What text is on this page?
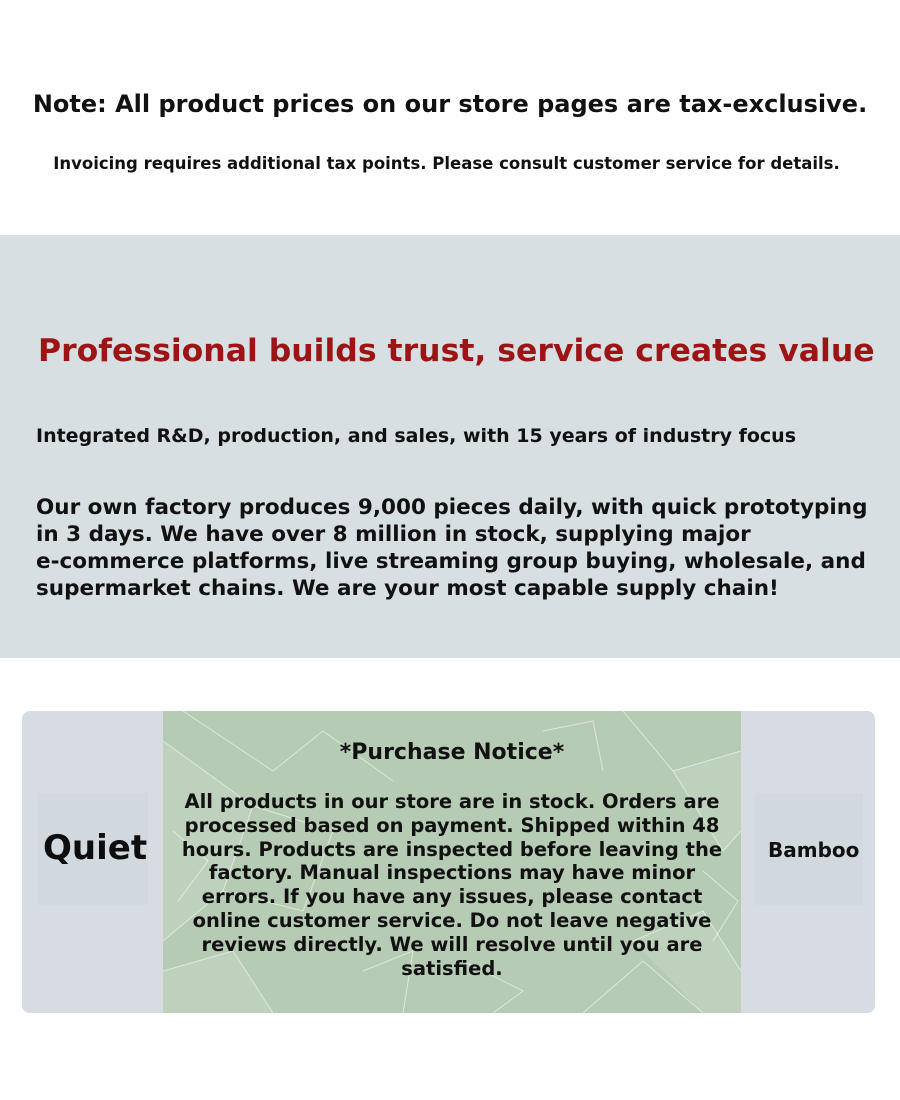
Note: All product prices on our store pages are tax-exclusive.
Invoicing requires additional tax points. Please consult customer service for details.
Professional builds trust, service creates value
Integrated R&D, production, and sales, with 15 years of industry focus
Our own factory produces 9,000 pieces daily, with quick prototyping
in 3 days. We have over 8 million in stock, supplying major
e-commerce platforms, live streaming group buying, wholesale, and
supermarket chains. We are your most capable supply chain!
*Purchase Notice*
All products in our store are in stock. Orders are
processed based on payment. Shipped within 48
hours. Products are inspected before leaving the
factory. Manual inspections may have minor
errors. If you have any issues, please contact
online customer service. Do not leave negative
reviews directly. We will resolve until you are
satisfied.
Quiet	Bamboo
